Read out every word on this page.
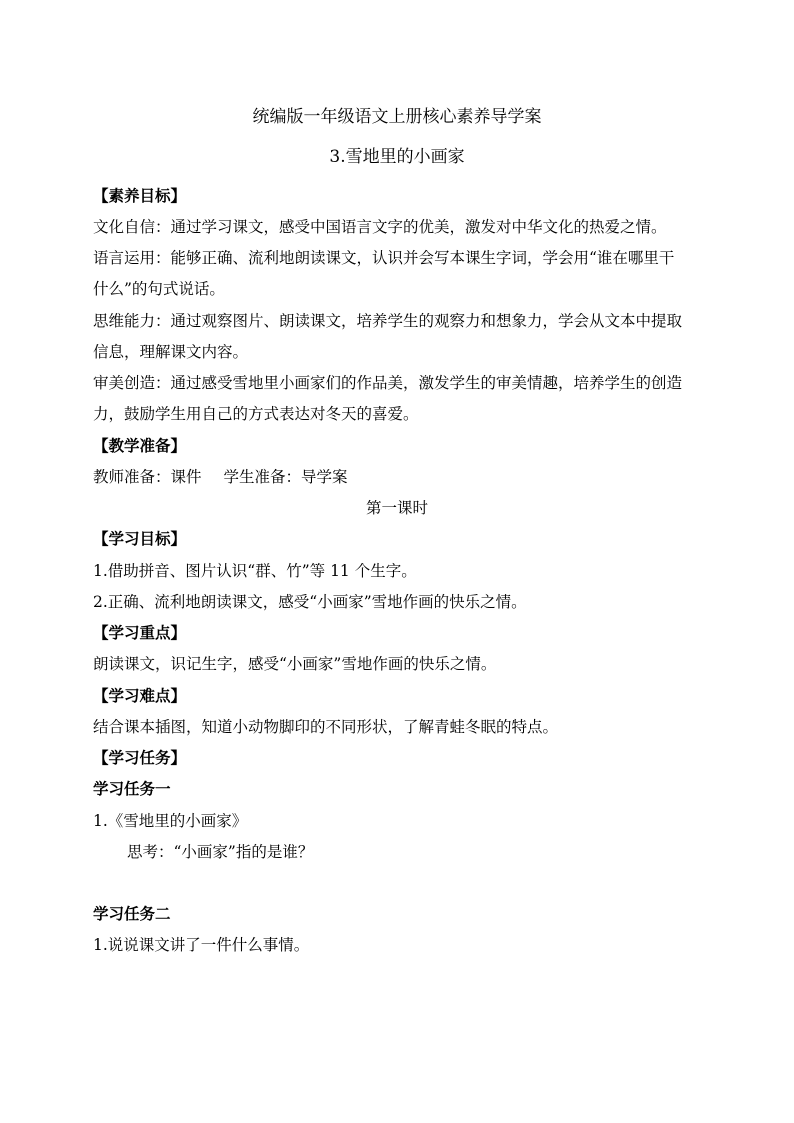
统编版一年级语文上册核心素养导学案
3.雪地里的小画家
【素养目标】
文化自信：通过学习课文，感受中国语言文字的优美，激发对中华文化的热爱之情。
语言运用：能够正确、流利地朗读课文，认识并会写本课生字词，学会用“谁在哪里干
什么”的句式说话。
思维能力：通过观察图片、朗读课文，培养学生的观察力和想象力，学会从文本中提取
信息，理解课文内容。
审美创造：通过感受雪地里小画家们的作品美，激发学生的审美情趣，培养学生的创造
力，鼓励学生用自己的方式表达对冬天的喜爱。
【教学准备】
教师准备：课件 学生准备：导学案
第一课时
【学习目标】
1.借助拼音、图片认识“群、竹”等 11 个生字。
2.正确、流利地朗读课文，感受“小画家”雪地作画的快乐之情。
【学习重点】
朗读课文，识记生字，感受“小画家”雪地作画的快乐之情。
【学习难点】
结合课本插图，知道小动物脚印的不同形状，了解青蛙冬眠的特点。
【学习任务】
学习任务一
1.《雪地里的小画家》
思考：“小画家”指的是谁？
学习任务二
1.说说课文讲了一件什么事情。
